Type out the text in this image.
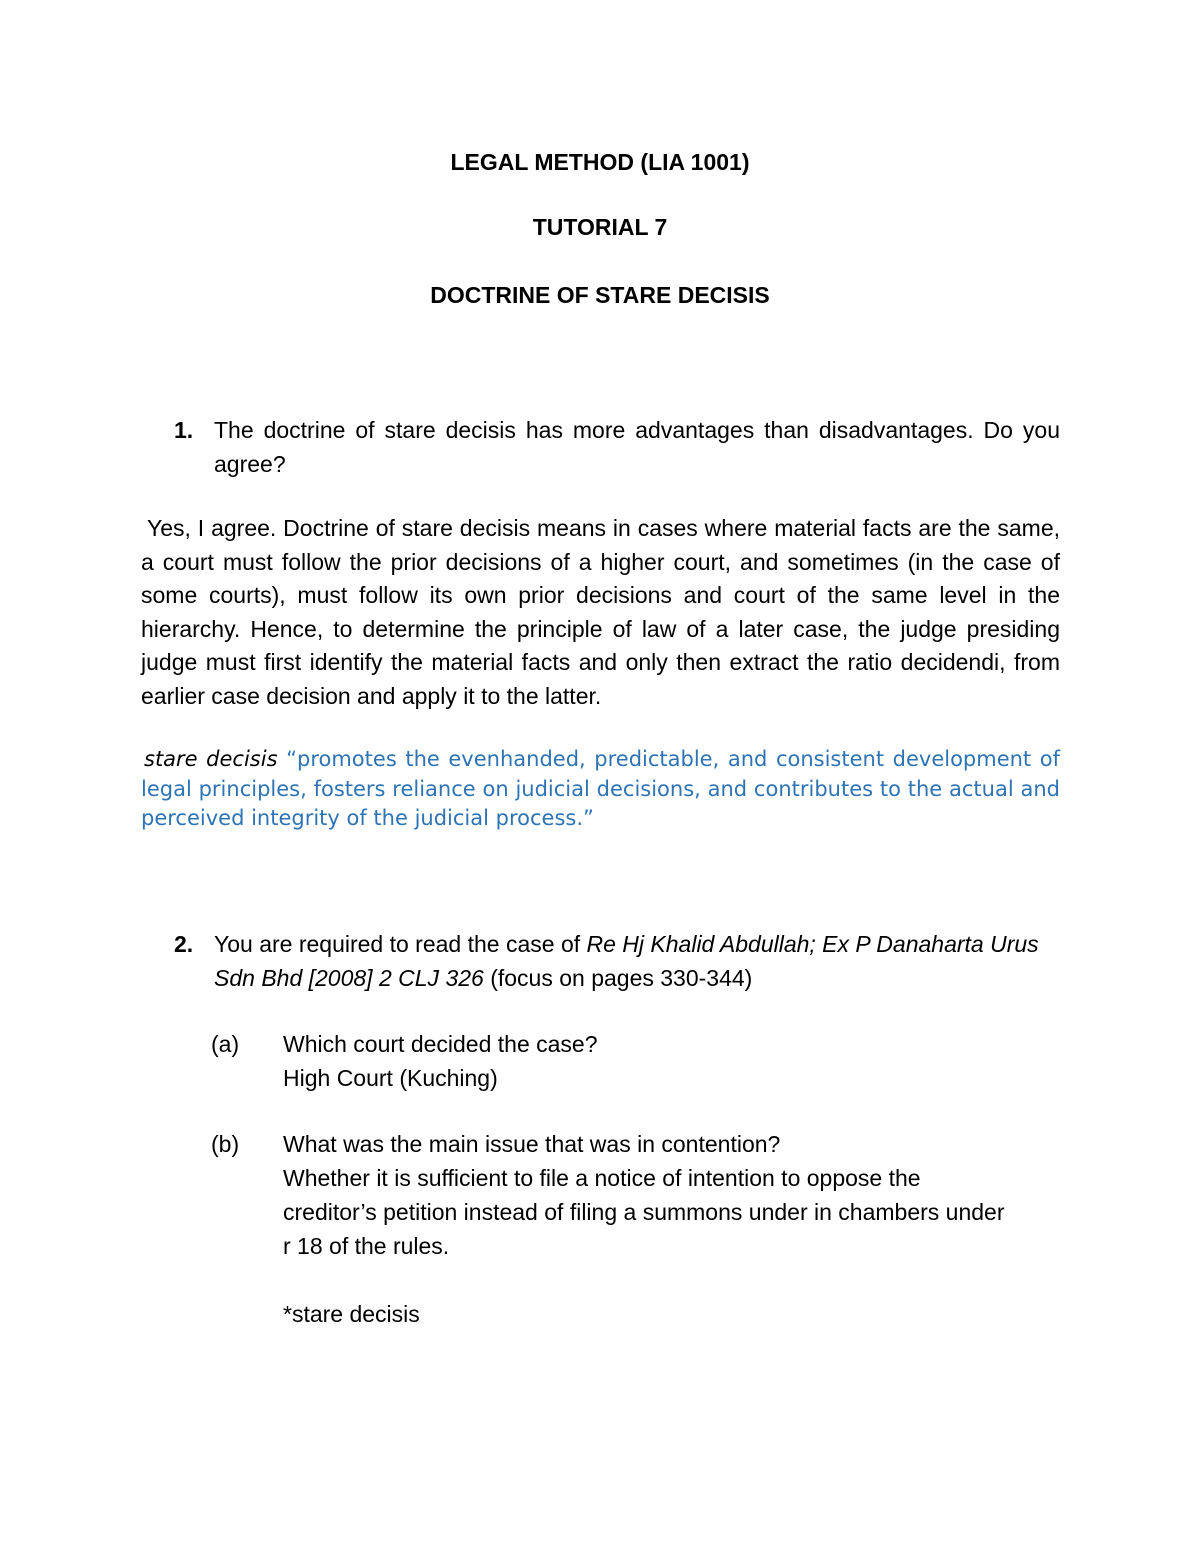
LEGAL METHOD (LIA 1001)
TUTORIAL 7
DOCTRINE OF STARE DECISIS
1. The doctrine of stare decisis has more advantages than disadvantages. Do you agree?

Yes, I agree. Doctrine of stare decisis means in cases where material facts are the same, a court must follow the prior decisions of a higher court, and sometimes (in the case of some courts), must follow its own prior decisions and court of the same level in the hierarchy. Hence, to determine the principle of law of a later case, the judge presiding judge must first identify the material facts and only then extract the ratio decidendi, from earlier case decision and apply it to the latter.

stare decisis “promotes the evenhanded, predictable, and consistent development of legal principles, fosters reliance on judicial decisions, and contributes to the actual and perceived integrity of the judicial process.”

2. You are required to read the case of Re Hj Khalid Abdullah; Ex P Danaharta Urus Sdn Bhd [2008] 2 CLJ 326 (focus on pages 330-344)
(a) Which court decided the case?
High Court (Kuching)
(b) What was the main issue that was in contention?
Whether it is sufficient to file a notice of intention to oppose the creditor’s petition instead of filing a summons under in chambers under r 18 of the rules.
*stare decisis
